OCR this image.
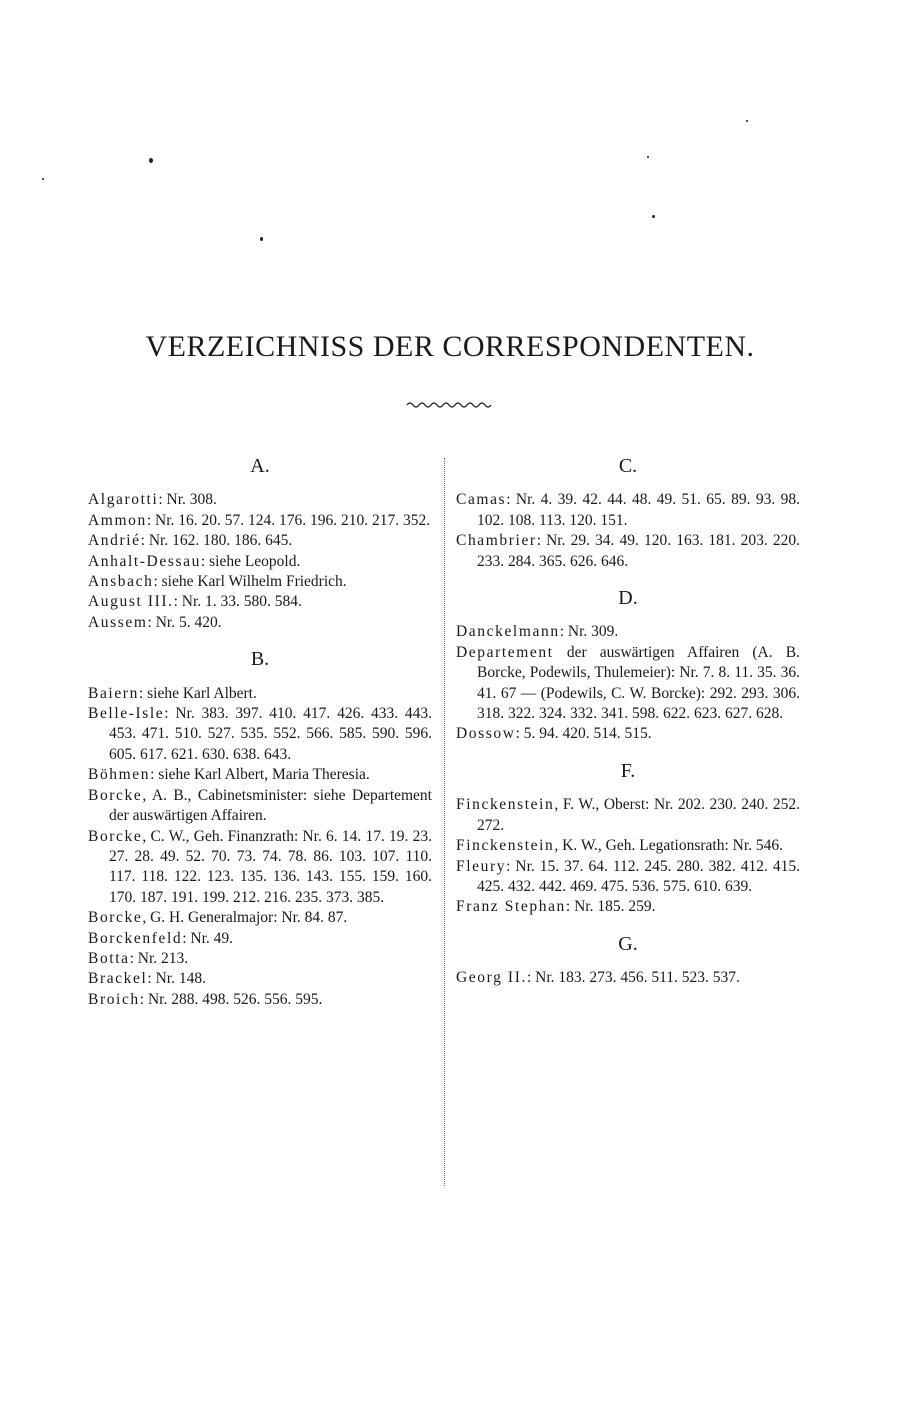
VERZEICHNISS DER CORRESPONDENTEN.
A.

Algarotti: Nr. 308.

Ammon: Nr. 16. 20. 57. 124. 176. 196. 210. 217. 352.

Andrié: Nr. 162. 180. 186. 645.

Anhalt-Dessau: siehe Leopold.

Ansbach: siehe Karl Wilhelm Friedrich.

August III.: Nr. 1. 33. 580. 584.

Aussem: Nr. 5. 420.

B.

Baiern: siehe Karl Albert.

Belle-Isle: Nr. 383. 397. 410. 417. 426. 433. 443. 453. 471. 510. 527. 535. 552. 566. 585. 590. 596. 605. 617. 621. 630. 638. 643.

Böhmen: siehe Karl Albert, Maria Theresia.

Borcke, A. B., Cabinetsminister: siehe Departement der auswärtigen Affairen.

Borcke, C. W., Geh. Finanzrath: Nr. 6. 14. 17. 19. 23. 27. 28. 49. 52. 70. 73. 74. 78. 86. 103. 107. 110. 117. 118. 122. 123. 135. 136. 143. 155. 159. 160. 170. 187. 191. 199. 212. 216. 235. 373. 385.

Borcke, G. H. Generalmajor: Nr. 84. 87.

Borckenfeld: Nr. 49.

Botta: Nr. 213.

Brackel: Nr. 148.

Broich: Nr. 288. 498. 526. 556. 595.

C.

Camas: Nr. 4. 39. 42. 44. 48. 49. 51. 65. 89. 93. 98. 102. 108. 113. 120. 151.

Chambrier: Nr. 29. 34. 49. 120. 163. 181. 203. 220. 233. 284. 365. 626. 646.

D.

Danckelmann: Nr. 309.

Departement der auswärtigen Affairen (A. B. Borcke, Podewils, Thulemeier): Nr. 7. 8. 11. 35. 36. 41. 67 — (Podewils, C. W. Borcke): 292. 293. 306. 318. 322. 324. 332. 341. 598. 622. 623. 627. 628.

Dossow: 5. 94. 420. 514. 515.

F.

Finckenstein, F. W., Oberst: Nr. 202. 230. 240. 252. 272.

Finckenstein, K. W., Geh. Legationsrath: Nr. 546.

Fleury: Nr. 15. 37. 64. 112. 245. 280. 382. 412. 415. 425. 432. 442. 469. 475. 536. 575. 610. 639.

Franz Stephan: Nr. 185. 259.

G.

Georg II.: Nr. 183. 273. 456. 511. 523. 537.
